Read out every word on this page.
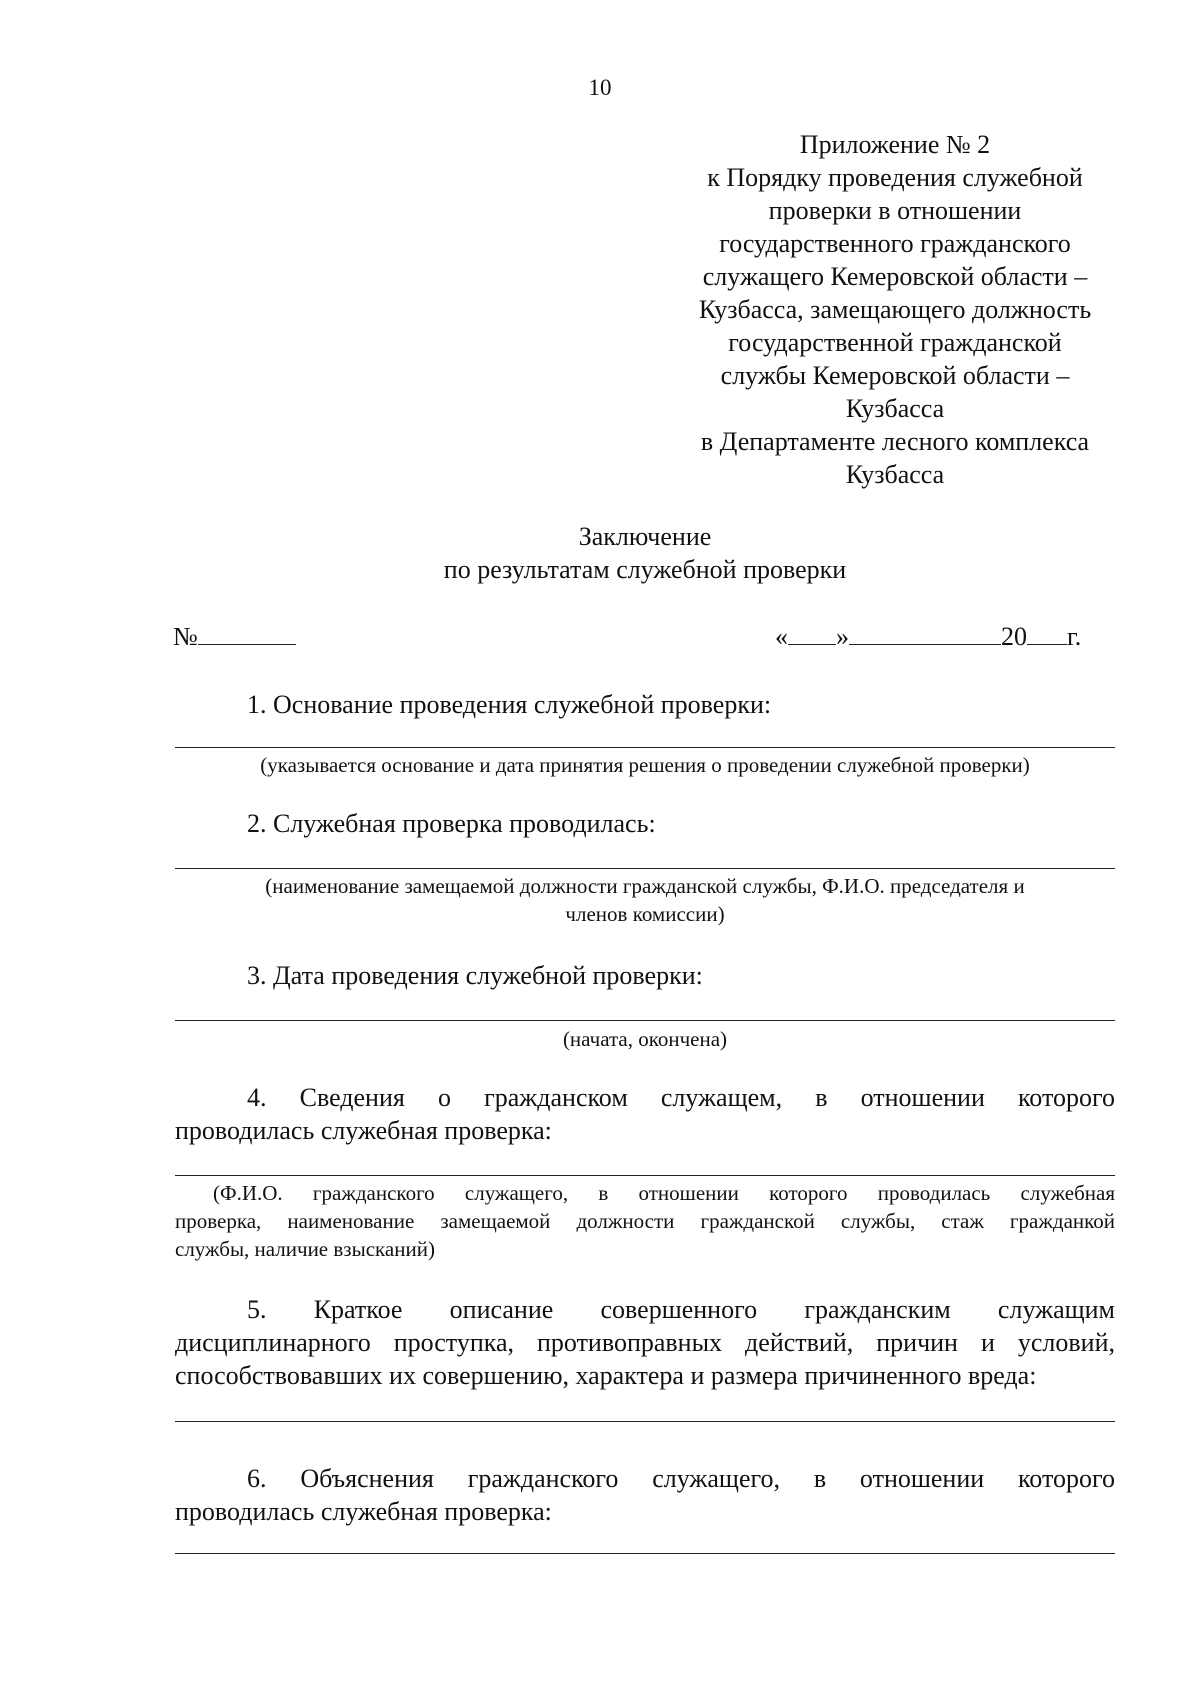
10
Приложение № 2
к Порядку проведения служебной
проверки в отношении
государственного гражданского
служащего Кемеровской области –
Кузбасса, замещающего должность
государственной гражданской
службы Кемеровской области –
Кузбасса
в Департаменте лесного комплекса
Кузбасса
Заключение
по результатам служебной проверки
№	« »	20 г.
1. Основание проведения служебной проверки:
(указывается основание и дата принятия решения о проведении служебной проверки)
2. Служебная проверка проводилась:
(наименование замещаемой должности гражданской службы, Ф.И.О. председателя и
членов комиссии)
3. Дата проведения служебной проверки:
(начата, окончена)
4. Сведения о гражданском служащем, в отношении которого
проводилась служебная проверка:
(Ф.И.О. гражданского служащего, в отношении которого проводилась служебная
проверка, наименование замещаемой должности гражданской службы, стаж гражданкой
службы, наличие взысканий)
5. Краткое описание совершенного гражданским служащим
дисциплинарного проступка, противоправных действий, причин и условий,
способствовавших их совершению, характера и размера причиненного вреда:
6. Объяснения гражданского служащего, в отношении которого
проводилась служебная проверка:
